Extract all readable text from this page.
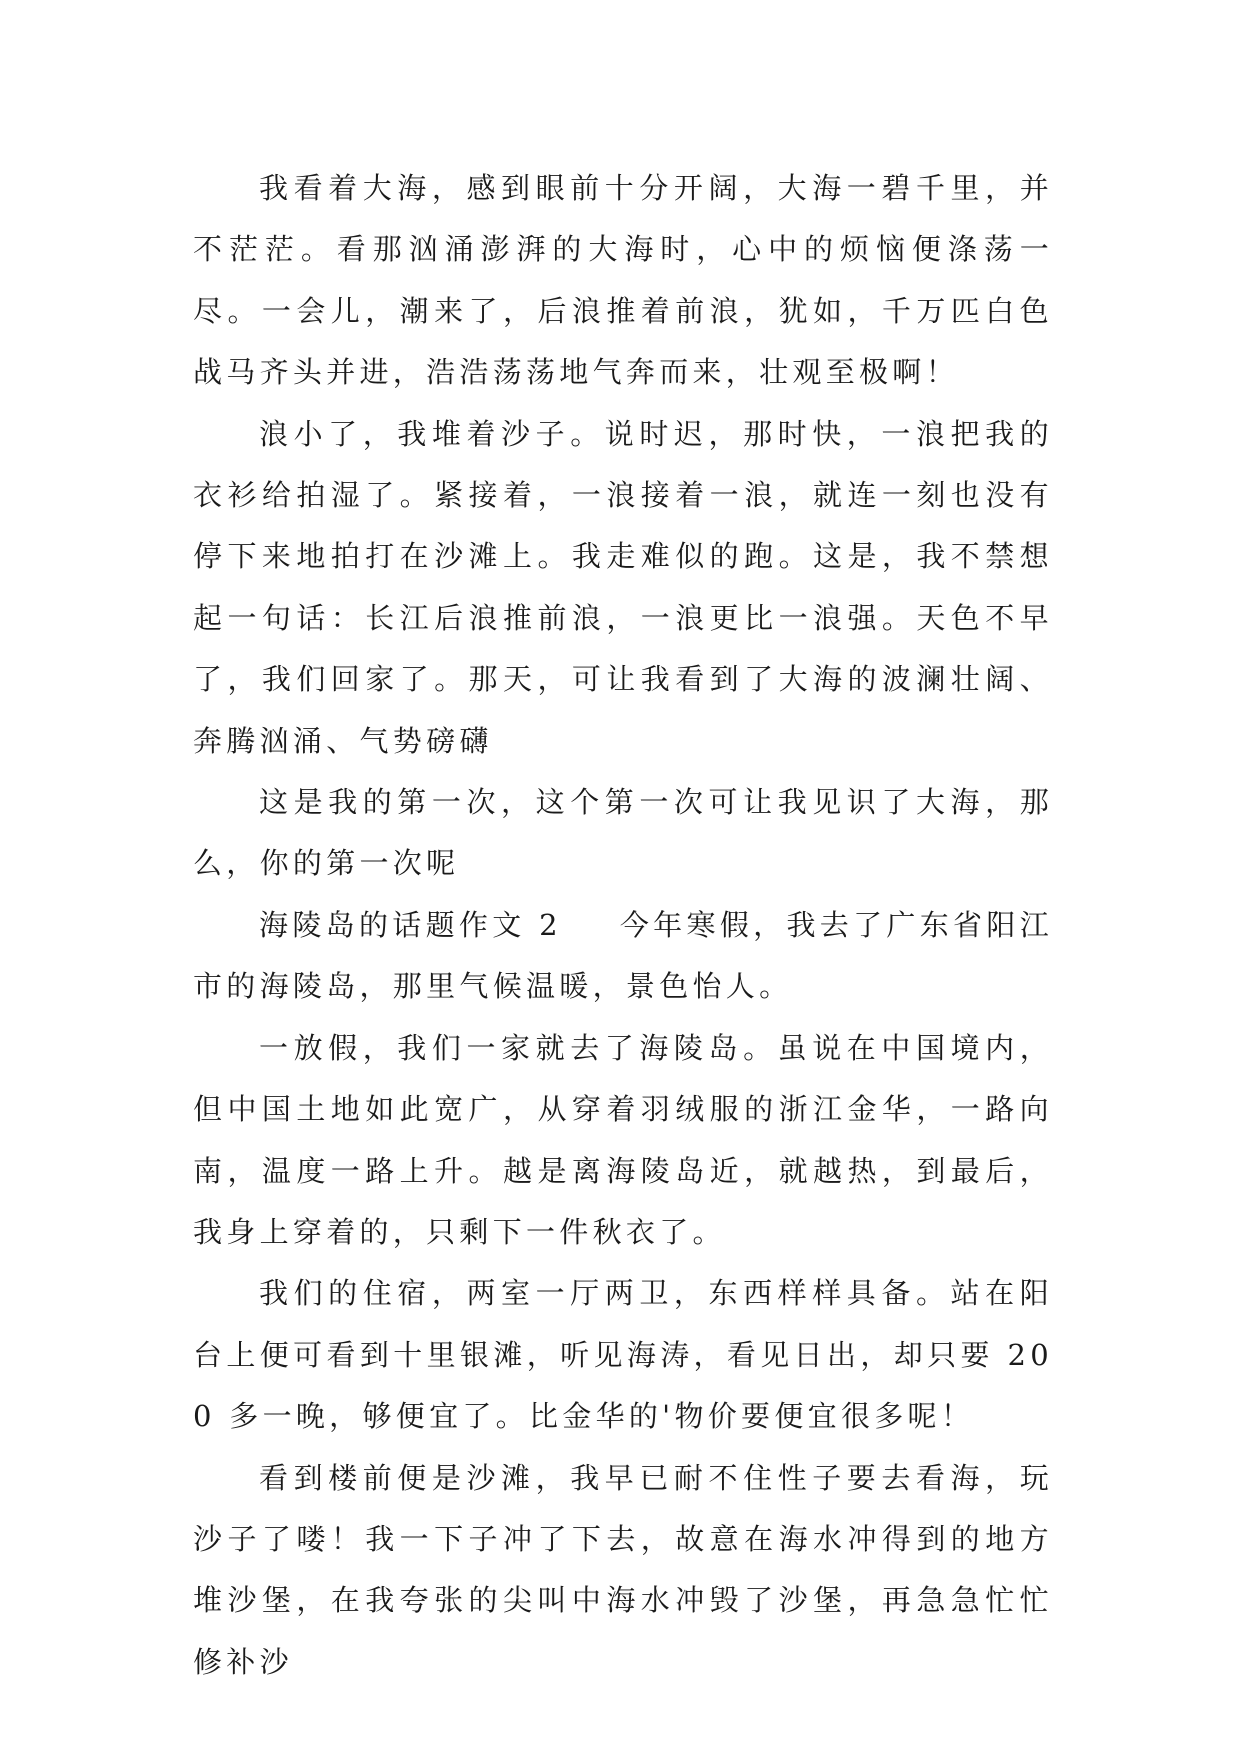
我看着大海，感到眼前十分开阔，大海一碧千里，并不茫茫。看那汹涌澎湃的大海时，心中的烦恼便涤荡一尽。一会儿，潮来了，后浪推着前浪，犹如，千万匹白色战马齐头并进，浩浩荡荡地气奔而来，壮观至极啊！

浪小了，我堆着沙子。说时迟，那时快，一浪把我的衣衫给拍湿了。紧接着，一浪接着一浪，就连一刻也没有停下来地拍打在沙滩上。我走难似的跑。这是，我不禁想起一句话：长江后浪推前浪，一浪更比一浪强。天色不早了，我们回家了。那天，可让我看到了大海的波澜壮阔、奔腾汹涌、气势磅礴

这是我的第一次，这个第一次可让我见识了大海，那么，你的第一次呢

海陵岛的话题作文 2 今年寒假，我去了广东省阳江市的海陵岛，那里气候温暖，景色怡人。

一放假，我们一家就去了海陵岛。虽说在中国境内，但中国土地如此宽广，从穿着羽绒服的浙江金华，一路向南，温度一路上升。越是离海陵岛近，就越热，到最后，我身上穿着的，只剩下一件秋衣了。

我们的住宿，两室一厅两卫，东西样样具备。站在阳台上便可看到十里银滩，听见海涛，看见日出，却只要 200 多一晚，够便宜了。比金华的'物价要便宜很多呢！

看到楼前便是沙滩，我早已耐不住性子要去看海，玩沙子了喽！我一下子冲了下去，故意在海水冲得到的地方堆沙堡，在我夸张的尖叫中海水冲毁了沙堡，再急急忙忙修补沙
